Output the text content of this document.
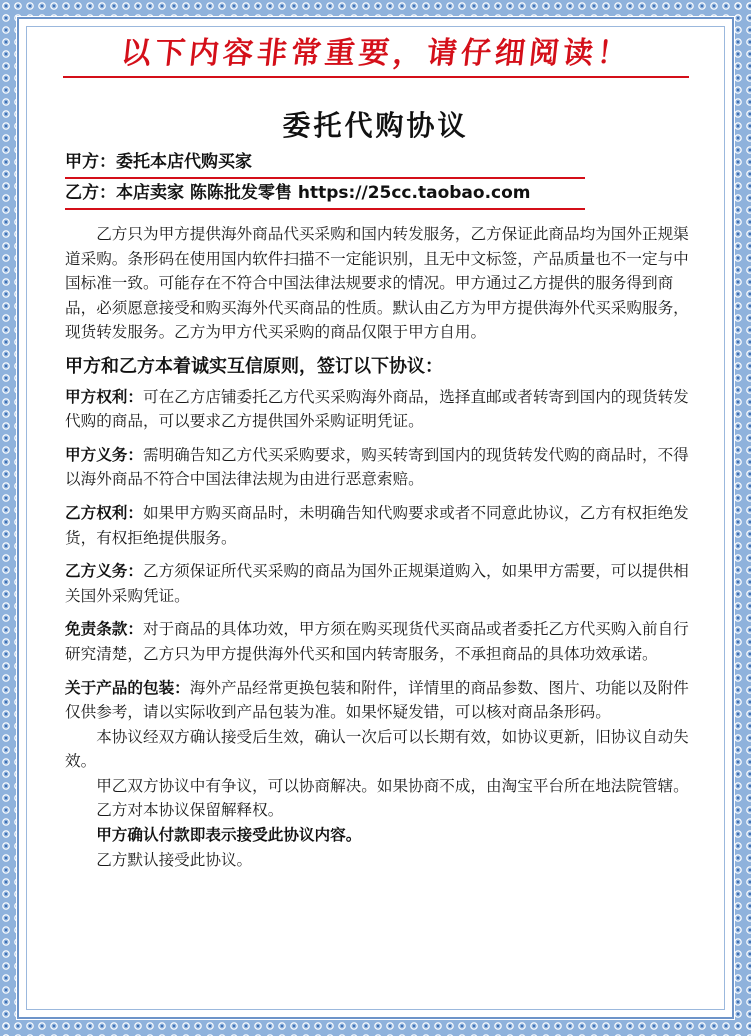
以下内容非常重要，请仔细阅读！
委托代购协议
甲方：委托本店代购买家
乙方：本店卖家 陈陈批发零售 https://25cc.taobao.com

乙方只为甲方提供海外商品代买采购和国内转发服务，乙方保证此商品均为国外正规渠道采购。条形码在使用国内软件扫描不一定能识别，且无中文标签，产品质量也不一定与中国标准一致。可能存在不符合中国法律法规要求的情况。甲方通过乙方提供的服务得到商品，必须愿意接受和购买海外代买商品的性质。默认由乙方为甲方提供海外代买采购服务，现货转发服务。乙方为甲方代买采购的商品仅限于甲方自用。

甲方和乙方本着诚实互信原则，签订以下协议：

甲方权利：可在乙方店铺委托乙方代买采购海外商品，选择直邮或者转寄到国内的现货转发代购的商品，可以要求乙方提供国外采购证明凭证。

甲方义务：需明确告知乙方代买采购要求，购买转寄到国内的现货转发代购的商品时，不得以海外商品不符合中国法律法规为由进行恶意索赔。

乙方权利：如果甲方购买商品时，未明确告知代购要求或者不同意此协议，乙方有权拒绝发货，有权拒绝提供服务。

乙方义务：乙方须保证所代买采购的商品为国外正规渠道购入，如果甲方需要，可以提供相关国外采购凭证。

免责条款：对于商品的具体功效，甲方须在购买现货代买商品或者委托乙方代买购入前自行研究清楚，乙方只为甲方提供海外代买和国内转寄服务，不承担商品的具体功效承诺。

关于产品的包装：海外产品经常更换包装和附件，详情里的商品参数、图片、功能以及附件仅供参考，请以实际收到产品包装为准。如果怀疑发错，可以核对商品条形码。

本协议经双方确认接受后生效，确认一次后可以长期有效，如协议更新，旧协议自动失效。

甲乙双方协议中有争议，可以协商解决。如果协商不成，由淘宝平台所在地法院管辖。

乙方对本协议保留解释权。

甲方确认付款即表示接受此协议内容。

乙方默认接受此协议。
